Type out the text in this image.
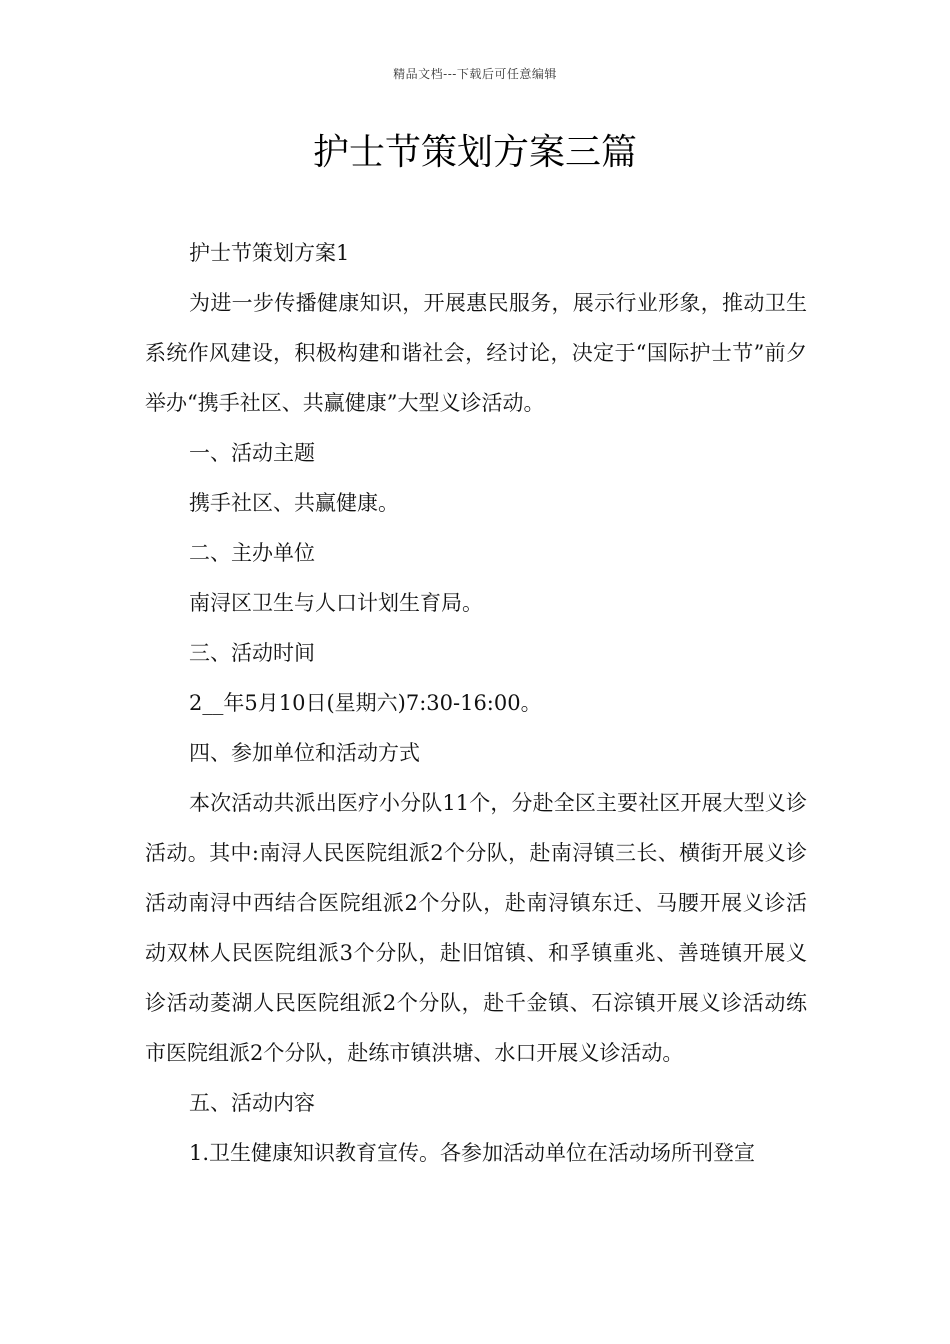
精品文档---下载后可任意编辑
护士节策划方案三篇

护士节策划方案1

为进一步传播健康知识，开展惠民服务，展示行业形象，推动卫生系统作风建设，积极构建和谐社会，经讨论，决定于“国际护士节”前夕举办“携手社区、共赢健康”大型义诊活动。

一、活动主题

携手社区、共赢健康。

二、主办单位

南浔区卫生与人口计划生育局。

三、活动时间

2__年5月10日(星期六)7:30-16:00。

四、参加单位和活动方式

本次活动共派出医疗小分队11个，分赴全区主要社区开展大型义诊活动。其中:南浔人民医院组派2个分队，赴南浔镇三长、横街开展义诊活动南浔中西结合医院组派2个分队，赴南浔镇东迁、马腰开展义诊活动双林人民医院组派3个分队，赴旧馆镇、和孚镇重兆、善琏镇开展义诊活动菱湖人民医院组派2个分队，赴千金镇、石淙镇开展义诊活动练市医院组派2个分队，赴练市镇洪塘、水口开展义诊活动。

五、活动内容

1.卫生健康知识教育宣传。各参加活动单位在活动场所刊登宣
